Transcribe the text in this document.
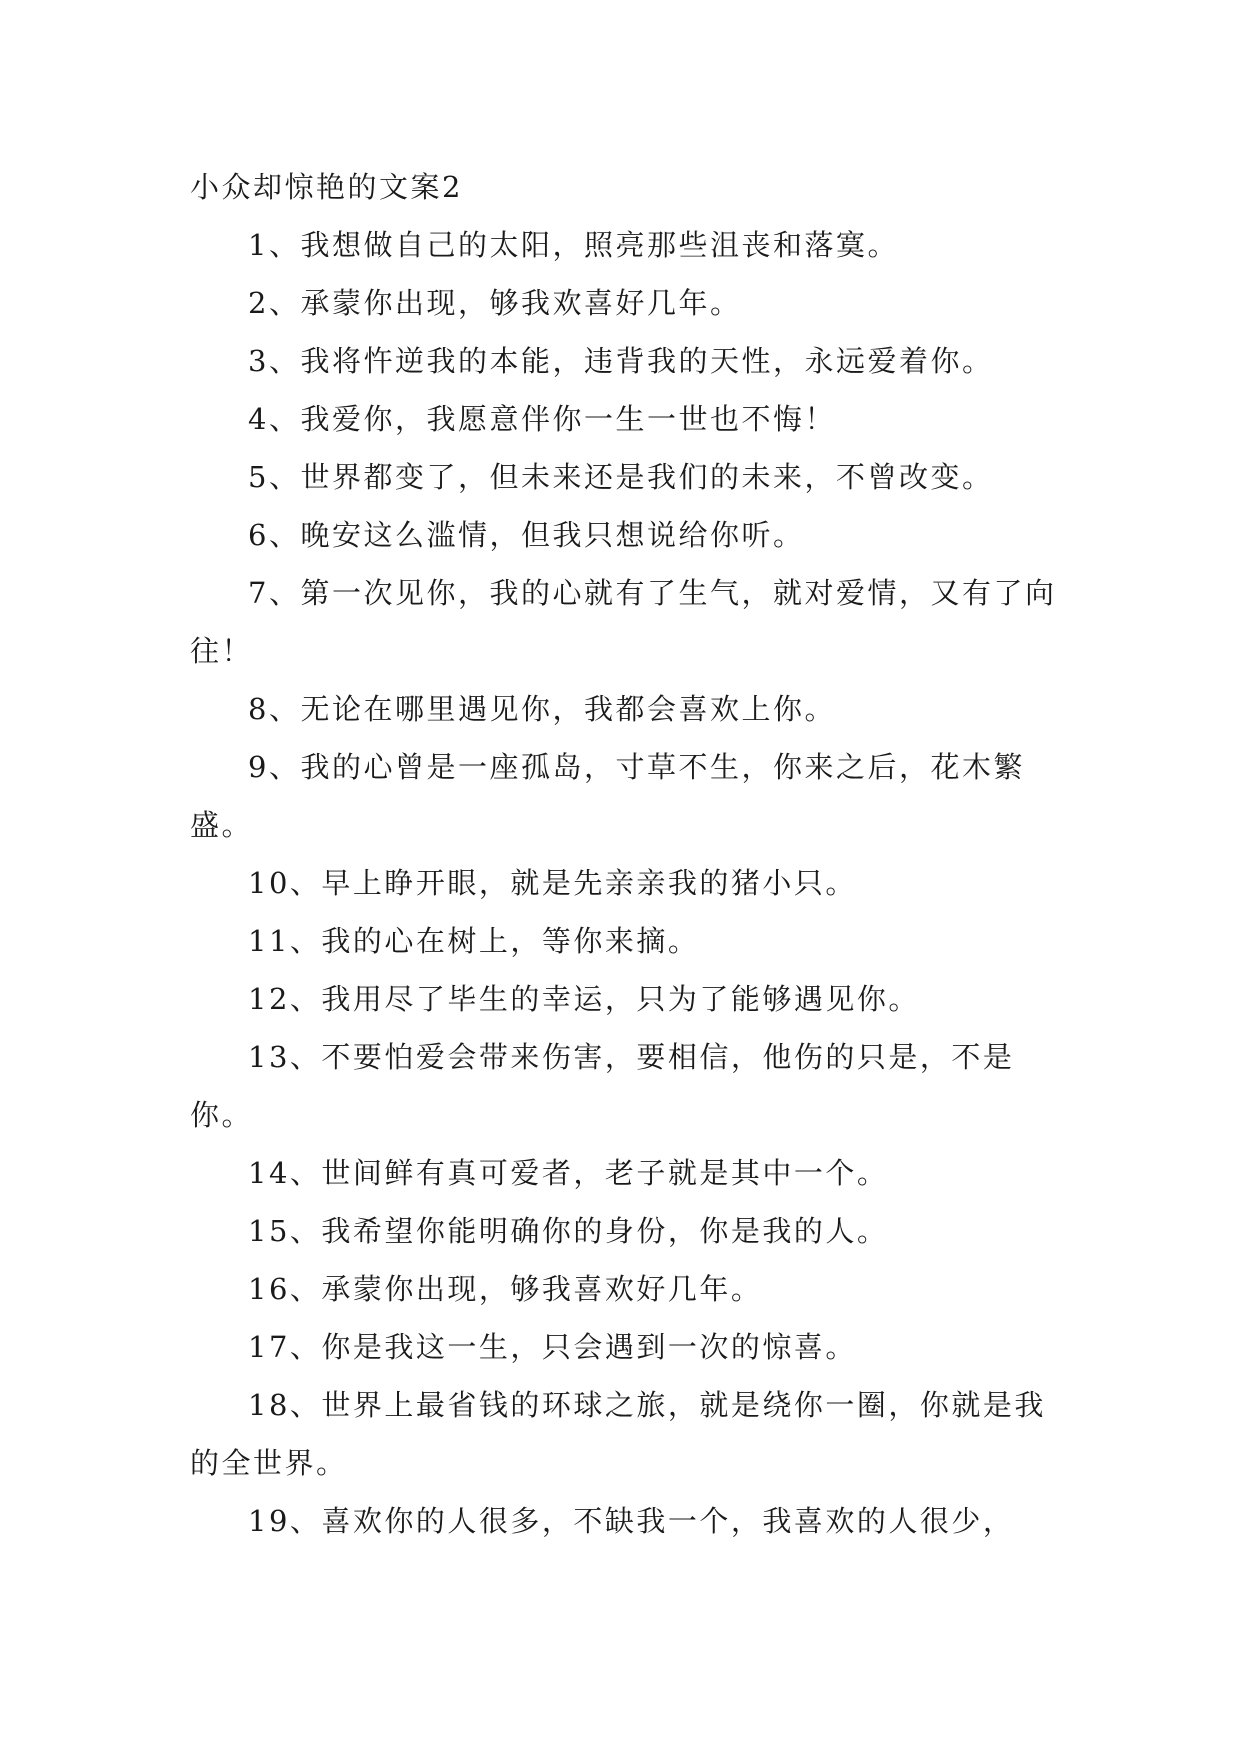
小众却惊艳的文案2

1、我想做自己的太阳，照亮那些沮丧和落寞。

2、承蒙你出现，够我欢喜好几年。

3、我将忤逆我的本能，违背我的天性，永远爱着你。

4、我爱你，我愿意伴你一生一世也不悔！

5、世界都变了，但未来还是我们的未来，不曾改变。

6、晚安这么滥情，但我只想说给你听。

7、第一次见你，我的心就有了生气，就对爱情，又有了向往！

8、无论在哪里遇见你，我都会喜欢上你。

9、我的心曾是一座孤岛，寸草不生，你来之后，花木繁盛。

10、早上睁开眼，就是先亲亲我的猪小只。

11、我的心在树上，等你来摘。

12、我用尽了毕生的幸运，只为了能够遇见你。

13、不要怕爱会带来伤害，要相信，他伤的只是，不是你。

14、世间鲜有真可爱者，老子就是其中一个。

15、我希望你能明确你的身份，你是我的人。

16、承蒙你出现，够我喜欢好几年。

17、你是我这一生，只会遇到一次的惊喜。

18、世界上最省钱的环球之旅，就是绕你一圈，你就是我的全世界。

19、喜欢你的人很多，不缺我一个，我喜欢的人很少，
